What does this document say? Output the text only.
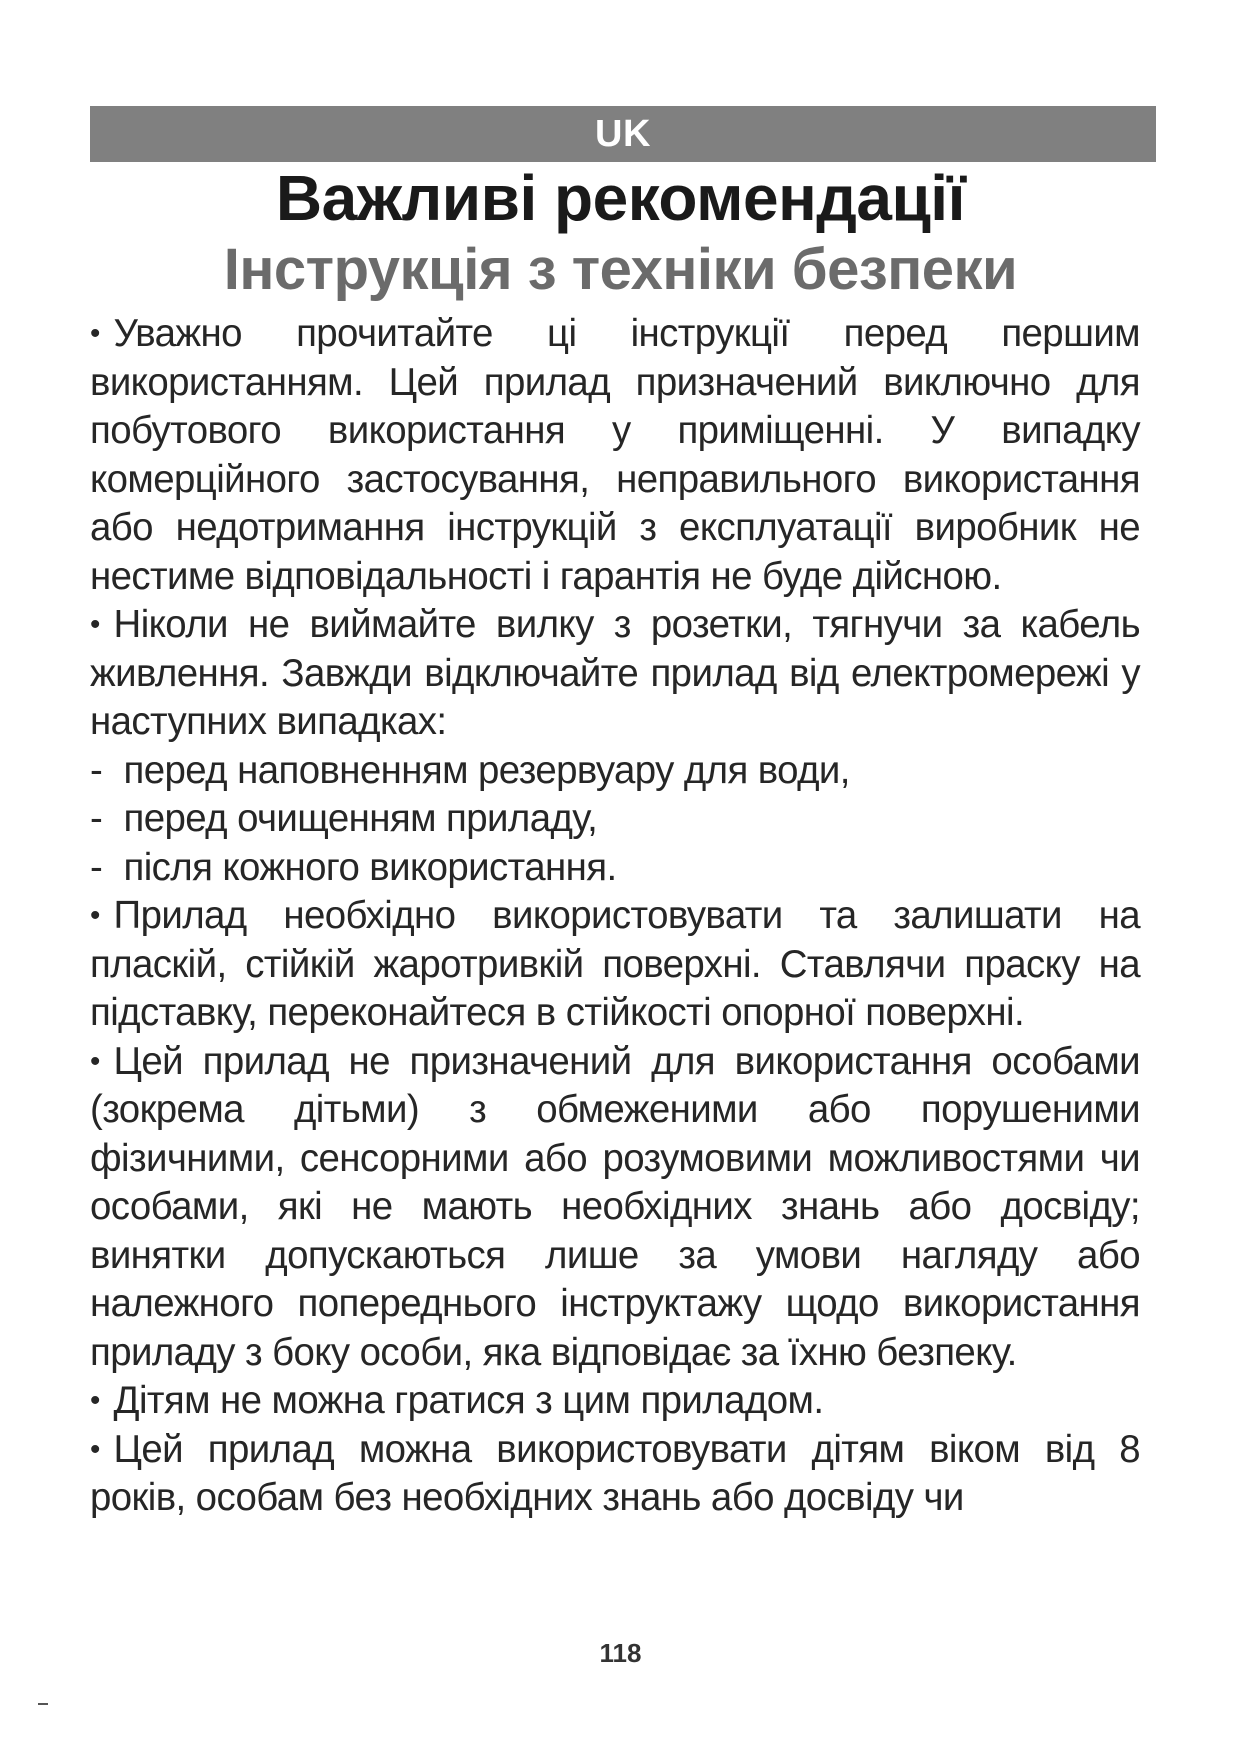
UK
Важливі рекомендації
Інструкція з техніки безпеки

• Уважно прочитайте ці інструкції перед першим використанням. Цей прилад призначений виключно для побутового використання у приміщенні. У випадку комерційного застосування, неправильного використання або недотримання інструкцій з експлуатації виробник не нестиме відповідальності і гарантія не буде дійсною.

• Ніколи не виймайте вилку з розетки, тягнучи за кабель живлення. Завжди відключайте прилад від електромережі у наступних випадках:

- перед наповненням резервуару для води,

- перед очищенням приладу,

- після кожного використання.

• Прилад необхідно використовувати та залишати на пласкій, стійкій жаротривкій поверхні. Ставлячи праску на підставку, переконайтеся в стійкості опорної поверхні.

• Цей прилад не призначений для використання особами (зокрема дітьми) з обмеженими або порушеними фізичними, сенсорними або розумовими можливостями чи особами, які не мають необхідних знань або досвіду; винятки допускаються лише за умови нагляду або належного попереднього інструктажу щодо використання приладу з боку особи, яка відповідає за їхню безпеку.

• Дітям не можна гратися з цим приладом.

• Цей прилад можна використовувати дітям віком від 8 років, особам без необхідних знань або досвіду чи

118
